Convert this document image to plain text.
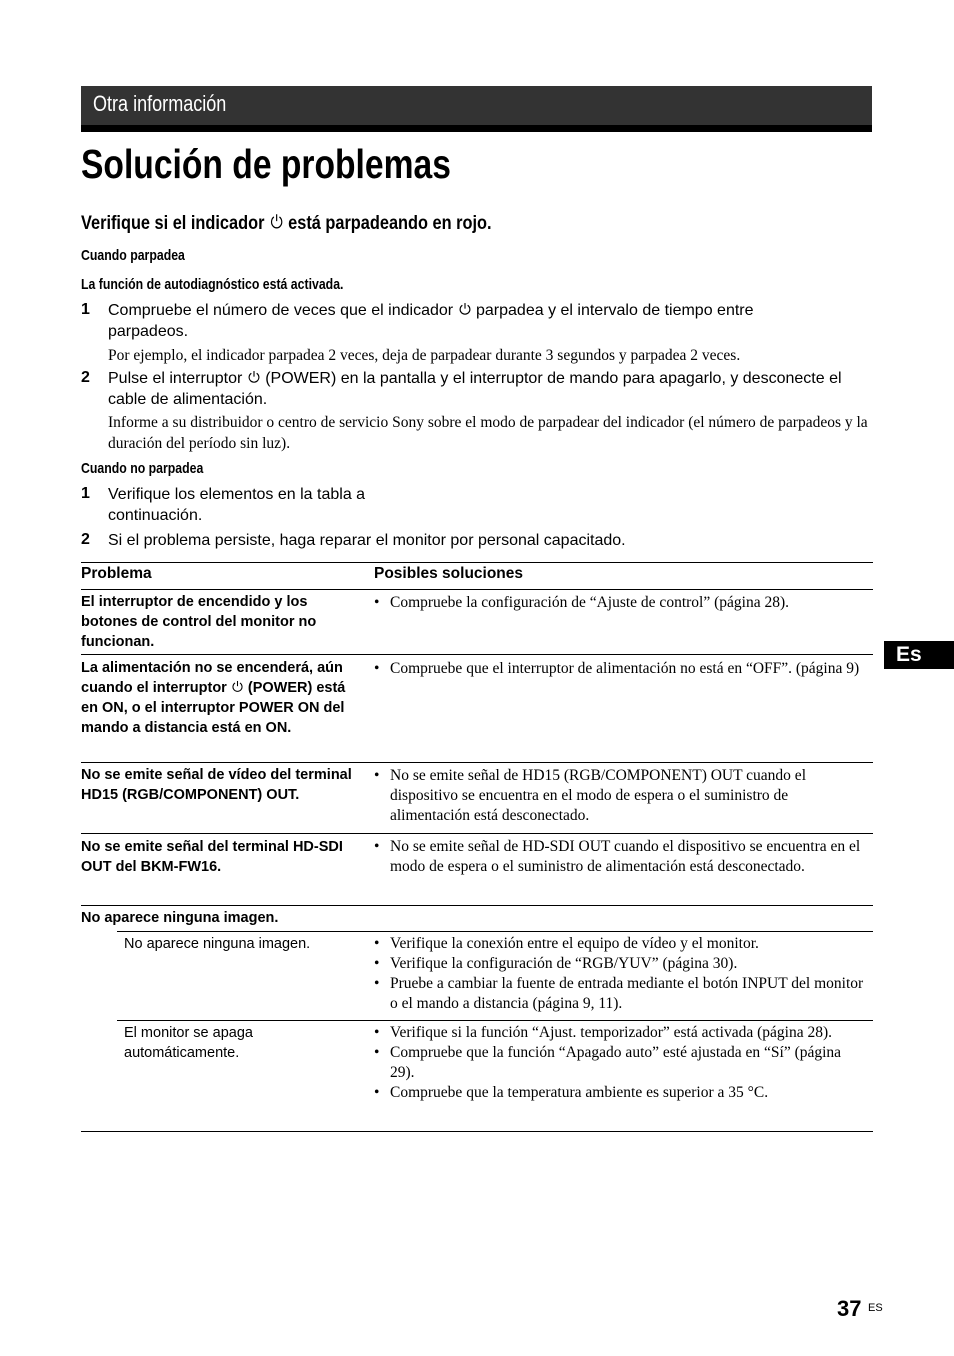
Otra información
Solución de problemas
Verifique si el indicador está parpadeando en rojo.
Cuando parpadea
La función de autodiagnóstico está activada.
1 Compruebe el número de veces que el indicador parpadea y el intervalo de tiempo entre parpadeos.
Por ejemplo, el indicador parpadea 2 veces, deja de parpadear durante 3 segundos y parpadea 2 veces.
2 Pulse el interruptor (POWER) en la pantalla y el interruptor de mando para apagarlo, y desconecte el cable de alimentación.
Informe a su distribuidor o centro de servicio Sony sobre el modo de parpadear del indicador (el número de parpadeos y la duración del período sin luz).
Cuando no parpadea
1 Verifique los elementos en la tabla a continuación.
2 Si el problema persiste, haga reparar el monitor por personal capacitado.
Problema	Posibles soluciones
El interruptor de encendido y los botones de control del monitor no funcionan.
• Compruebe la configuración de “Ajuste de control” (página 28).
La alimentación no se encenderá, aún cuando el interruptor (POWER) está en ON, o el interruptor POWER ON del mando a distancia está en ON.
• Compruebe que el interruptor de alimentación no está en “OFF”. (página 9)
No se emite señal de vídeo del terminal HD15 (RGB/COMPONENT) OUT.
• No se emite señal de HD15 (RGB/COMPONENT) OUT cuando el dispositivo se encuentra en el modo de espera o el suministro de alimentación está desconectado.
No se emite señal del terminal HD-SDI OUT del BKM-FW16.
• No se emite señal de HD-SDI OUT cuando el dispositivo se encuentra en el modo de espera o el suministro de alimentación está desconectado.
No aparece ninguna imagen.
No aparece ninguna imagen.
•	Verifique la conexión entre el equipo de vídeo y el monitor.
• Verifique la configuración de “RGB/YUV” (página 30).
• Pruebe a cambiar la fuente de entrada mediante el botón INPUT del monitor o el mando a distancia (página 9, 11).
El monitor se apaga automáticamente.
• Verifique si la función “Ajust. temporizador” está activada (página 28).
• Compruebe que la función “Apagado auto” esté ajustada en “Sí” (página 29).
• Compruebe que la temperatura ambiente es superior a 35 °C.
Es
37 ES
